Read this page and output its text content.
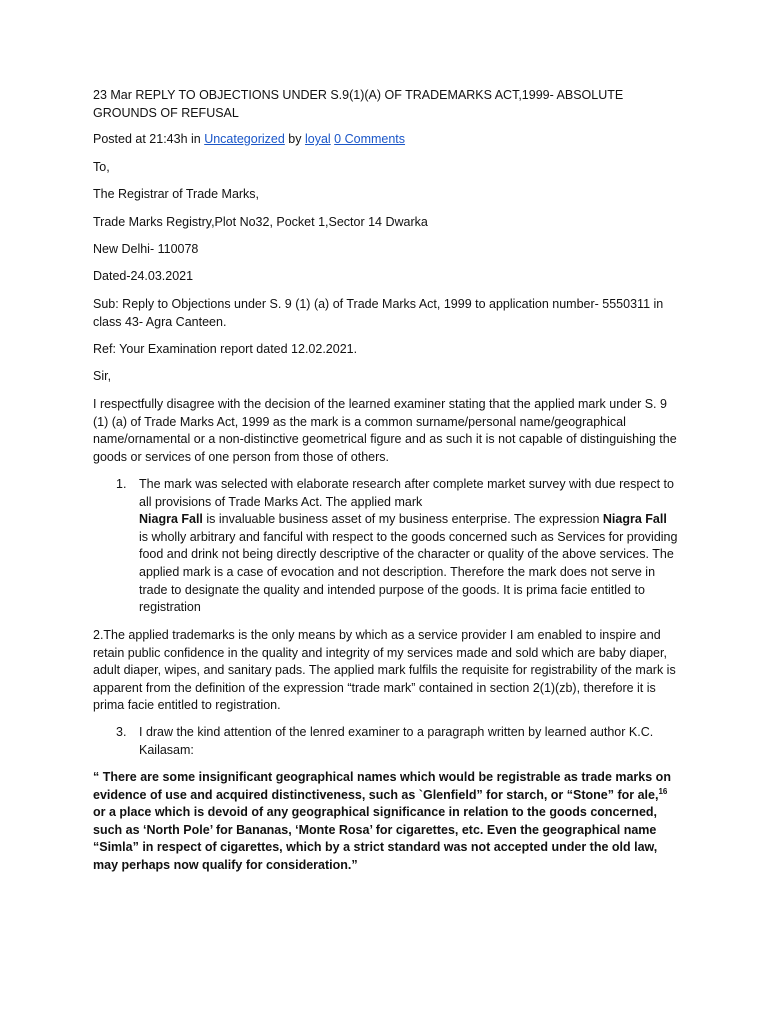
23 Mar REPLY TO OBJECTIONS UNDER S.9(1)(A) OF TRADEMARKS ACT,1999- ABSOLUTE GROUNDS OF REFUSAL

Posted at 21:43h in Uncategorized by loyal 0 Comments

To,

The Registrar of Trade Marks,

Trade Marks Registry,Plot No32, Pocket 1,Sector 14 Dwarka

New Delhi- 110078

Dated-24.03.2021

Sub: Reply to Objections under S. 9 (1) (a) of Trade Marks Act, 1999 to application number- 5550311 in class 43- Agra Canteen.

Ref: Your Examination report dated 12.02.2021.

Sir,

I respectfully disagree with the decision of the learned examiner stating that the applied mark under S. 9 (1) (a) of Trade Marks Act, 1999 as the mark is a common surname/personal name/geographical name/ornamental or a non-distinctive geometrical figure and as such it is not capable of distinguishing the goods or services of one person from those of others.

1. The mark was selected with elaborate research after complete market survey with due respect to all provisions of Trade Marks Act. The applied mark
Niagra Fall is invaluable business asset of my business enterprise. The expression Niagra Fall is wholly arbitrary and fanciful with respect to the goods concerned such as Services for providing food and drink not being directly descriptive of the character or quality of the above services. The applied mark is a case of evocation and not description. Therefore the mark does not serve in trade to designate the quality and intended purpose of the goods. It is prima facie entitled to registration

2.The applied trademarks is the only means by which as a service provider I am enabled to inspire and retain public confidence in the quality and integrity of my services made and sold which are baby diaper, adult diaper, wipes, and sanitary pads. The applied mark fulfils the requisite for registrability of the mark is apparent from the definition of the expression “trade mark” contained in section 2(1)(zb), therefore it is prima facie entitled to registration.

3. I draw the kind attention of the lenred examiner to a paragraph written by learned author K.C. Kailasam:

“ There are some insignificant geographical names which would be registrable as trade marks on evidence of use and acquired distinctiveness, such as `Glenfield” for starch, or “Stone” for ale,$^{16}$ or a place which is devoid of any geographical significance in relation to the goods concerned, such as ‘North Pole’ for Bananas, ‘Monte Rosa’ for cigarettes, etc. Even the geographical name “Simla” in respect of cigarettes, which by a strict standard was not accepted under the old law, may perhaps now qualify for consideration.”
